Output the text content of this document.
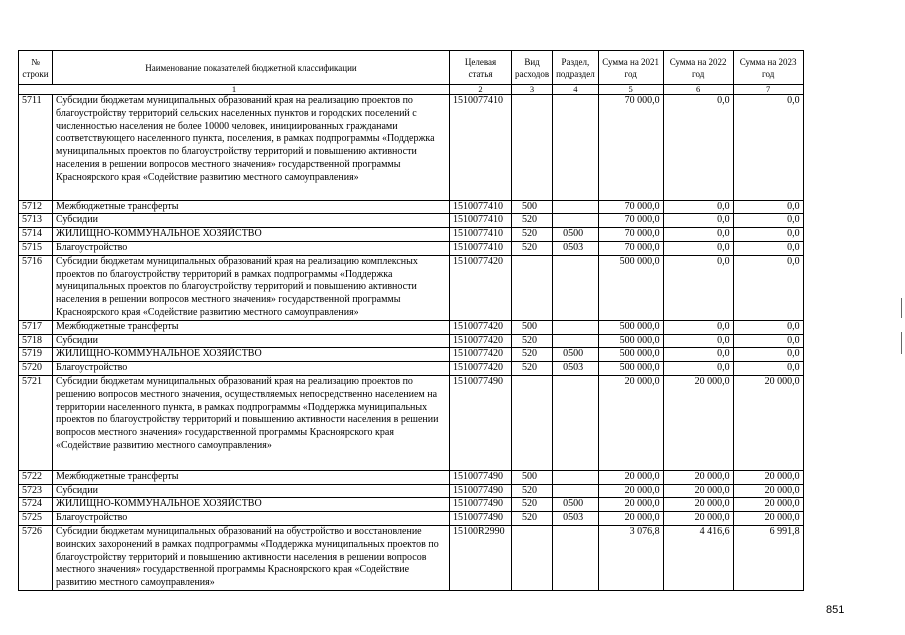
№ строки	Наименование показателей бюджетной классификации	Целевая статья	Вид расходов	Раздел, подраздел	Сумма на 2021 год	Сумма на 2022 год	Сумма на 2023 год
1		2	3	4	5	6	7
5711	Субсидии бюджетам муниципальных образований края на реализацию проектов по благоустройству территорий сельских населенных пунктов и городских поселений с численностью населения не более 10000 человек, инициированных гражданами соответствующего населенного пункта, поселения, в рамках подпрограммы «Поддержка муниципальных проектов по благоустройству территорий и повышению активности населения в решении вопросов местного значения» государственной программы Красноярского края «Содействие развитию местного самоуправления»	1510077410			70 000,0	0,0	0,0
5712	Межбюджетные трансферты	1510077410	500		70 000,0	0,0	0,0
5713	Субсидии	1510077410	520		70 000,0	0,0	0,0
5714	ЖИЛИЩНО-КОММУНАЛЬНОЕ ХОЗЯЙСТВО	1510077410	520	0500	70 000,0	0,0	0,0
5715	Благоустройство	1510077410	520	0503	70 000,0	0,0	0,0
5716	Субсидии бюджетам муниципальных образований края на реализацию комплексных проектов по благоустройству территорий в рамках подпрограммы «Поддержка муниципальных проектов по благоустройству территорий и повышению активности населения в решении вопросов местного значения» государственной программы Красноярского края «Содействие развитию местного самоуправления»	1510077420			500 000,0	0,0	0,0
5717	Межбюджетные трансферты	1510077420	500		500 000,0	0,0	0,0
5718	Субсидии	1510077420	520		500 000,0	0,0	0,0
5719	ЖИЛИЩНО-КОММУНАЛЬНОЕ ХОЗЯЙСТВО	1510077420	520	0500	500 000,0	0,0	0,0
5720	Благоустройство	1510077420	520	0503	500 000,0	0,0	0,0
5721	Субсидии бюджетам муниципальных образований края на реализацию проектов по решению вопросов местного значения, осуществляемых непосредственно населением на территории населенного пункта, в рамках подпрограммы «Поддержка муниципальных проектов по благоустройству территорий и повышению активности населения в решении вопросов местного значения» государственной программы Красноярского края «Содействие развитию местного самоуправления»	1510077490			20 000,0	20 000,0	20 000,0
5722	Межбюджетные трансферты	1510077490	500		20 000,0	20 000,0	20 000,0
5723	Субсидии	1510077490	520		20 000,0	20 000,0	20 000,0
5724	ЖИЛИЩНО-КОММУНАЛЬНОЕ ХОЗЯЙСТВО	1510077490	520	0500	20 000,0	20 000,0	20 000,0
5725	Благоустройство	1510077490	520	0503	20 000,0	20 000,0	20 000,0
5726	Субсидии бюджетам муниципальных образований на обустройство и восстановление воинских захоронений в рамках подпрограммы «Поддержка муниципальных проектов по благоустройству территорий и повышению активности населения в решении вопросов местного значения» государственной программы Красноярского края «Содействие развитию местного самоуправления»	15100R2990			3 076,8	4 416,6	6 991,8
851
